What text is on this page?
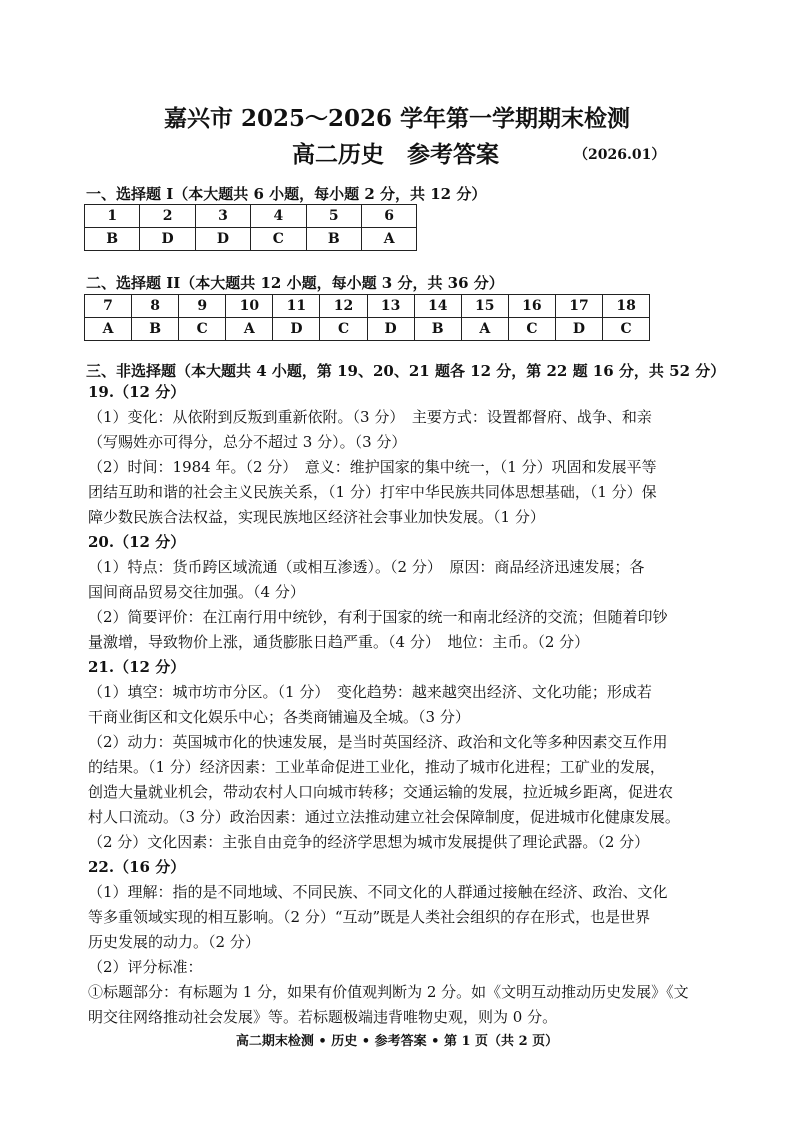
嘉兴市 2025～2026 学年第一学期期末检测
高二历史　参考答案	（2026.01）
一、选择题 I（本大题共 6 小题，每小题 2 分，共 12 分）
1	2	3	4	5	6
B	D	D	C	B	A
二、选择题 II（本大题共 12 小题，每小题 3 分，共 36 分）
7	8	9	10	11	12	13	14	15	16	17	18
A	B	C	A	D	C	D	B	A	C	D	C
三、非选择题（本大题共 4 小题，第 19、20、21 题各 12 分，第 22 题 16 分，共 52 分）
19.（12 分）
（1）变化：从依附到反叛到重新依附。（3 分）　主要方式：设置都督府、战争、和亲
（写赐姓亦可得分，总分不超过 3 分）。（3 分）
（2）时间：1984 年。（2 分）　意义：维护国家的集中统一，（1 分）巩固和发展平等
团结互助和谐的社会主义民族关系，（1 分）打牢中华民族共同体思想基础，（1 分）保
障少数民族合法权益，实现民族地区经济社会事业加快发展。（1 分）
20.（12 分）
（1）特点：货币跨区域流通（或相互渗透）。（2 分）　原因：商品经济迅速发展；各
国间商品贸易交往加强。（4 分）
（2）简要评价：在江南行用中统钞，有利于国家的统一和南北经济的交流；但随着印钞
量激增，导致物价上涨，通货膨胀日趋严重。（4 分）　地位：主币。（2 分）
21.（12 分）
（1）填空：城市坊市分区。（1 分）　变化趋势：越来越突出经济、文化功能；形成若
干商业街区和文化娱乐中心；各类商铺遍及全城。（3 分）
（2）动力：英国城市化的快速发展，是当时英国经济、政治和文化等多种因素交互作用
的结果。（1 分）经济因素：工业革命促进工业化，推动了城市化进程；工矿业的发展，
创造大量就业机会，带动农村人口向城市转移；交通运输的发展，拉近城乡距离，促进农
村人口流动。（3 分）政治因素：通过立法推动建立社会保障制度，促进城市化健康发展。
（2 分）文化因素：主张自由竞争的经济学思想为城市发展提供了理论武器。（2 分）
22.（16 分）
（1）理解：指的是不同地域、不同民族、不同文化的人群通过接触在经济、政治、文化
等多重领域实现的相互影响。（2 分）“互动”既是人类社会组织的存在形式，也是世界
历史发展的动力。（2 分）
（2）评分标准：
①标题部分：有标题为 1 分，如果有价值观判断为 2 分。如《文明互动推动历史发展》《文
明交往网络推动社会发展》等。若标题极端违背唯物史观，则为 0 分。
高二期末检测 • 历史 • 参考答案 • 第 1 页（共 2 页）
